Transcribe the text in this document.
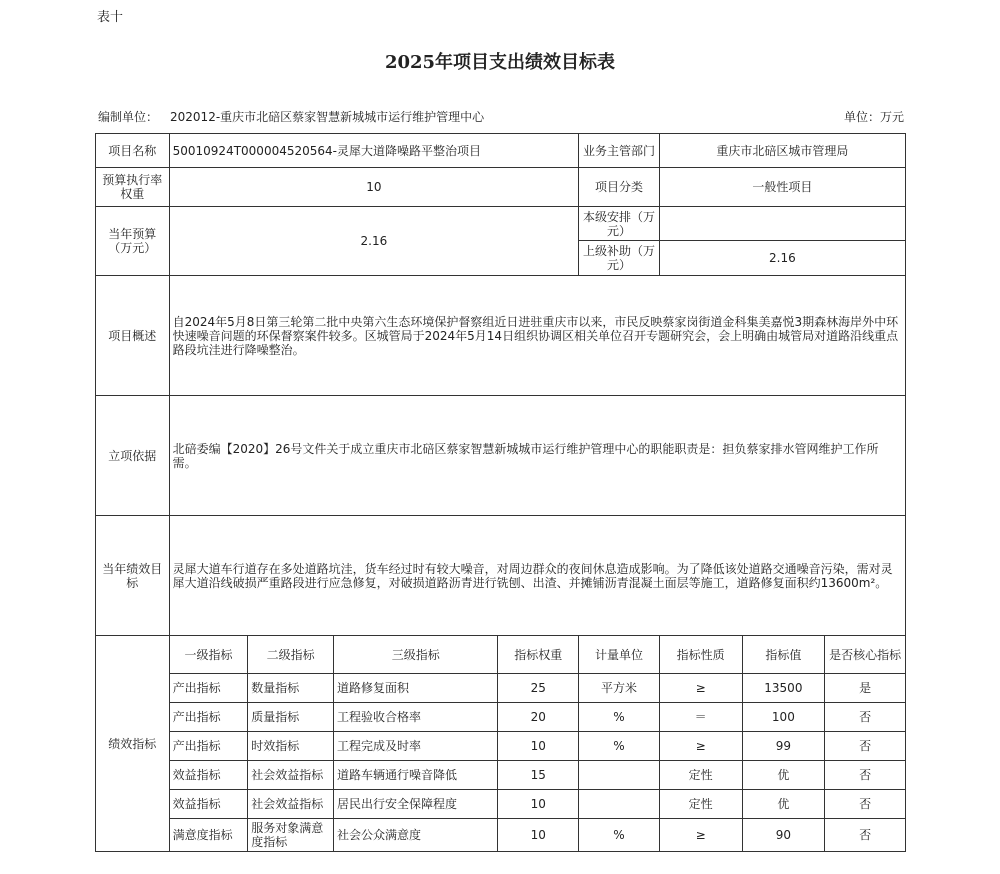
表十
2025年项目支出绩效目标表
编制单位： 202012-重庆市北碚区蔡家智慧新城城市运行维护管理中心	单位：万元
项目名称	50010924T000004520564-灵犀大道降噪路平整治项目				业务主管部门	重庆市北碚区城市管理局		
预算执行率权重	10				项目分类	一般性项目		
当年预算（万元）	2.16				本级安排（万元）			
					上级补助（万元）	2.16		
项目概述	自2024年5月8日第三轮第二批中央第六生态环境保护督察组近日进驻重庆市以来，市民反映蔡家岗街道金科集美嘉悦3期森林海岸外中环快速噪音问题的环保督察案件较多。区城管局于2024年5月14日组织协调区相关单位召开专题研究会，会上明确由城管局对道路沿线重点路段坑洼进行降噪整治。							
立项依据	北碚委编【2020】26号文件关于成立重庆市北碚区蔡家智慧新城城市运行维护管理中心的职能职责是：担负蔡家排水管网维护工作所需。							
当年绩效目标	灵犀大道车行道存在多处道路坑洼，货车经过时有较大噪音，对周边群众的夜间休息造成影响。为了降低该处道路交通噪音污染，需对灵犀大道沿线破损严重路段进行应急修复，对破损道路沥青进行铣刨、出渣、并摊铺沥青混凝土面层等施工，道路修复面积约13600m²。							
绩效指标	一级指标	二级指标	三级指标	指标权重	计量单位	指标性质	指标值	是否核心指标
	产出指标	数量指标	道路修复面积	25	平方米	≥	13500	是
	产出指标	质量指标	工程验收合格率	20	%	＝	100	否
	产出指标	时效指标	工程完成及时率	10	%	≥	99	否
	效益指标	社会效益指标	道路车辆通行噪音降低	15		定性	优	否
	效益指标	社会效益指标	居民出行安全保障程度	10		定性	优	否
	满意度指标	服务对象满意度指标	社会公众满意度	10	%	≥	90	否
